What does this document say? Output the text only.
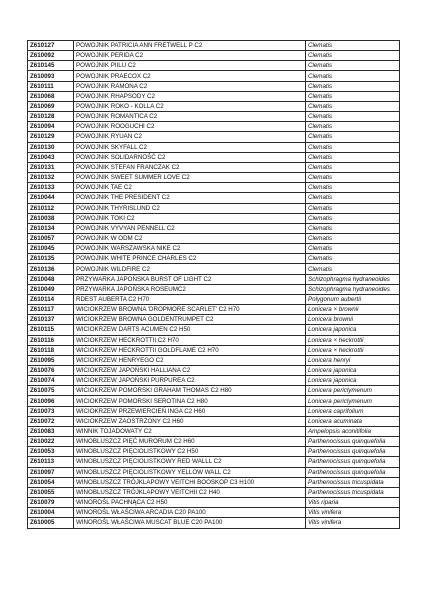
Z610127	POWOJNIK PATRICIA ANN FRETWELL P C2	Clematis
Z610092	POWOJNIK PERIDA C2	Clematis
Z610145	POWOJNIK PIILU C2	Clematis
Z610093	POWOJNIK PRAECOX C2	Clematis
Z610111	POWOJNIK RAMONA C2	Clematis
Z610068	POWOJNIK RHAPSODY C2	Clematis
Z610069	POWOJNIK ROKO - KOLLA C2	Clematis
Z610128	POWOJNIK ROMANTICA C2	Clematis
Z610094	POWOJNIK ROOGUCHI C2	Clematis
Z610129	POWOJNIK RYUAN C2	Clematis
Z610130	POWOJNIK SKYFALL C2	Clematis
Z610043	POWOJNIK SOLIDARNOŚĆ C2	Clematis
Z610131	POWOJNIK STEFAN FRANCZAK C2	Clematis
Z610132	POWOJNIK SWEET SUMMER LOVE C2	Clematis
Z610133	POWOJNIK TAE C2	Clematis
Z610044	POWOJNIK THE PRESIDENT C2	Clematis
Z610112	POWOJNIK THYRISLUND C2	Clematis
Z610038	POWOJNIK TOKI C2	Clematis
Z610134	POWOJNIK VYVYAN PENNELL C2	Clematis
Z610057	POWOJNIK W ODM C2	Clematis
Z610045	POWOJNIK WARSZAWSKA NIKE C2	Clematis
Z610135	POWOJNIK WHITE PRINCE CHARLES C2	Clematis
Z610136	POWOJNIK WILDFIRE C2	Clematis
Z610048	PRZYWARKA JAPOŃSKA BURST OF LIGHT C2	Schizophragma hydraneoides
Z610049	PRZYWARKA JAPOŃSKA ROSEUMC2	Schizophragma hydraneoides
Z610114	RDEST AUBERTA C2 H70	Polygonum aubertii
Z610117	WICIOKRZEW BROWNA 'DROPMORE SCARLET' C2 H70	Lonicera × brownii
Z610137	WICIOKRZEW BROWNA GOLDENTRUMPET C2	Lonicera brownii
Z610115	WICIOKRZEW DARTS ACUMEN C2 H50	Lonicera japonica
Z610116	WICIOKRZEW HECKROTTII C2 H70	Lonicera × heckrottii
Z610118	WICIOKRZEW HECKROTTII GOLDFLAME C2 H70	Lonicera × heckrottii
Z610095	WICIOKRZEW HENRYEGO C2	Lonicera henryi
Z610076	WICIOKRZEW JAPOŃSKI HALLIANA C2	Lonicera japonica
Z610074	WICIOKRZEW JAPOŃSKI PURPUREA C2	Lonicera japonica
Z610075	WICIOKRZEW POMORSKI GRAHAM THOMAS C2 H80	Lonicera periclymenum
Z610096	WICIOKRZEW POMORSKI SEROTINA C2 H80	Lonicera periclymenum
Z610073	WICIOKRZEW PRZEWIERCIEŃ INGA C2 H60	Lonicera caprifolium
Z610072	WICIOKRZEW ZAOSTRZONY C2 H60	Lonicera acuminata
Z610083	WINNIK TOJADOWATY C2	Ampelopsis aconitifolia
Z610022	WINOBLUSZCZ PIĘĆ MURORUM C2 H60	Parthenocissus quinquefolia
Z610053	WINOBLUSZCZ PIĘCIOLISTKOWY C2 H50	Parthenocissus quinquefolia
Z610113	WINOBLUSZCZ PIĘCIOLISTKOWY RED WALLL C2	Parthenocissus quinquefolia
Z610097	WINOBLUSZCZ PIĘCIOLISTKOWY YELLOW WALL C2	Parthenocissus quinquefolia
Z610054	WINOBLUSZCZ TRÓJKLAPOWY VEITCHI BOOSKOP C3 H100	Parthenocissus tricuspidata
Z610055	WINOBLUSZCZ TRÓJKLAPOWY VEITCHII C2 H40	Parthenocissus tricuspidata
Z610079	WINOROŚL PACHNĄCA C2 H50	Vitis riparia
Z610004	WINOROŚL WŁAŚCIWA ARCADIA C20 PA100	Vitis vinifera
Z610005	WINOROŚL WŁAŚCIWA MUSCAT BLUE C20 PA100	Vitis vinifera
